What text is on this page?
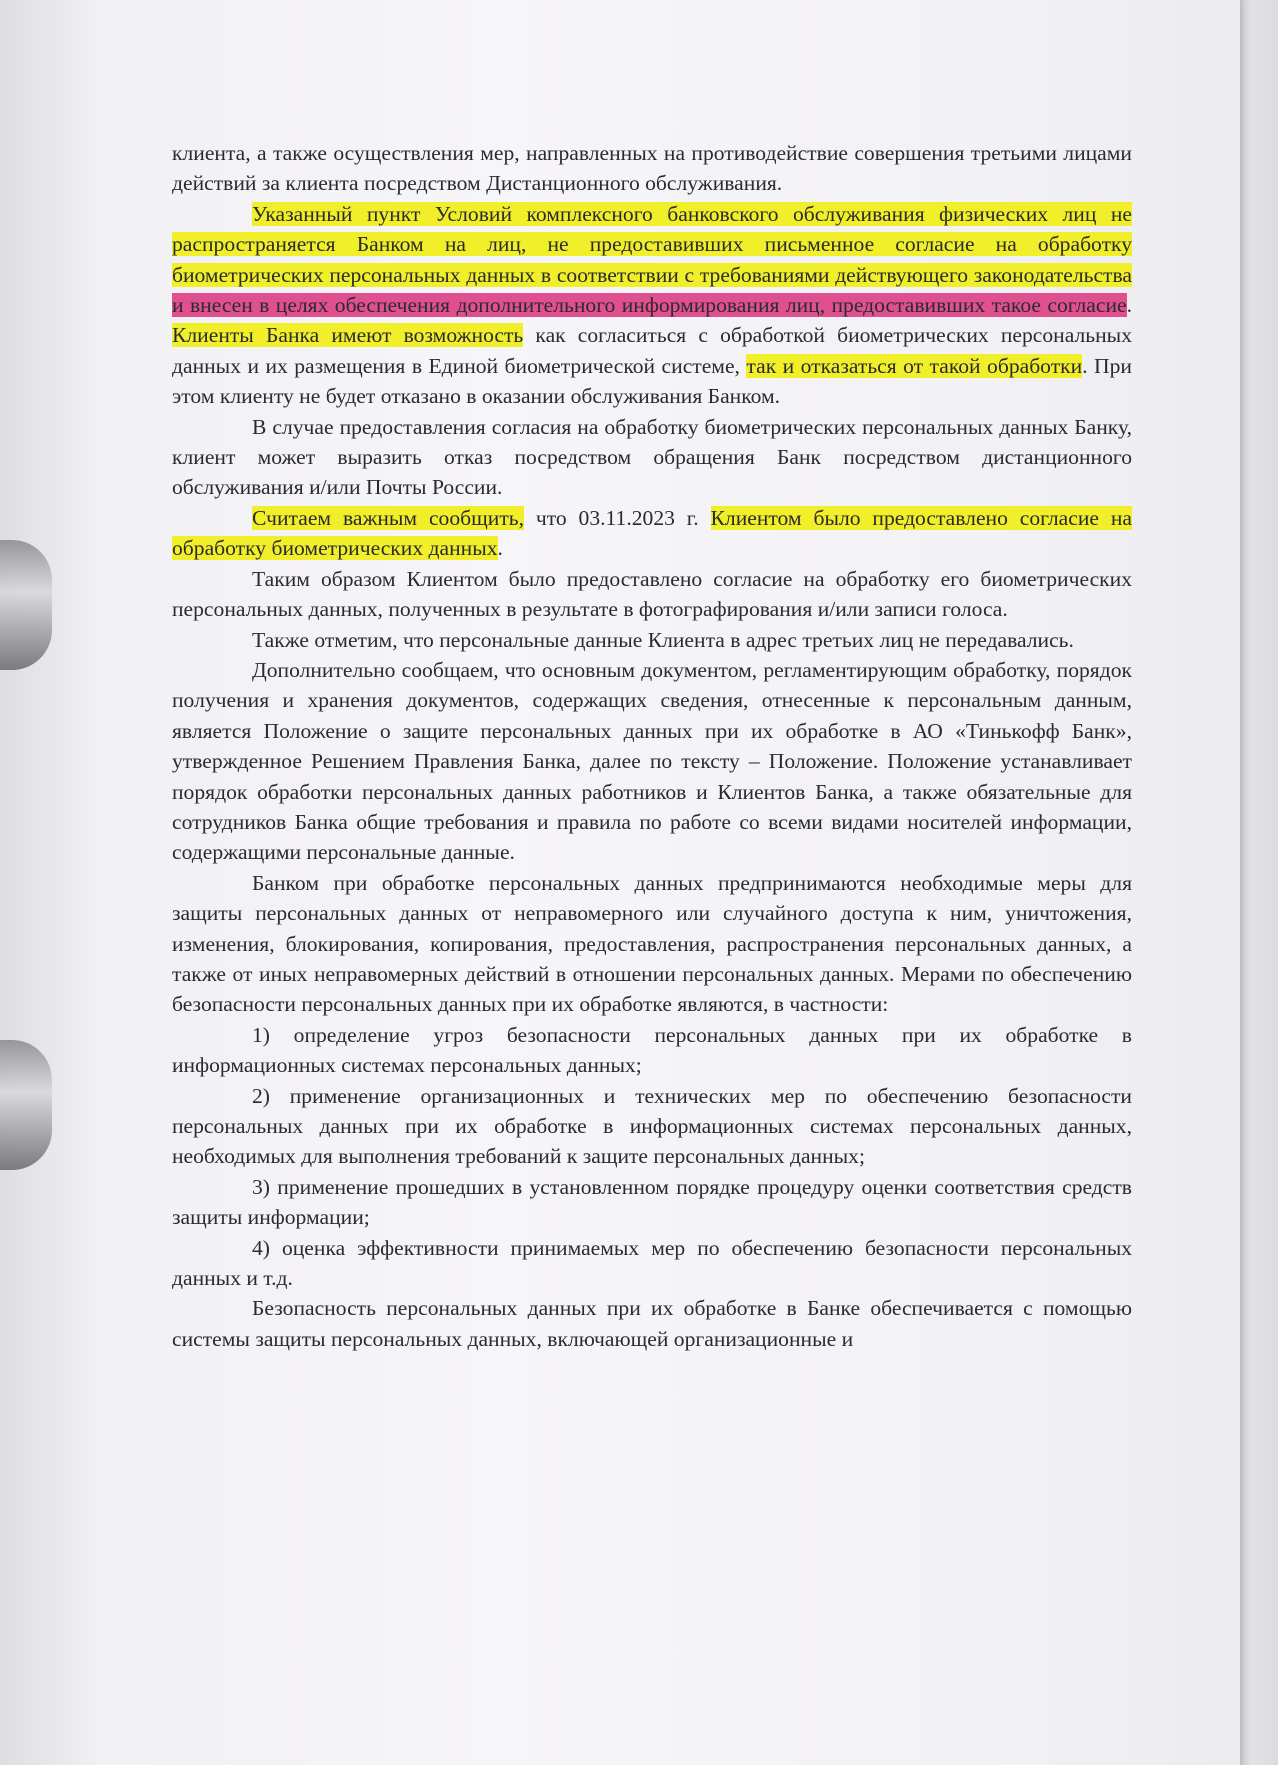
клиента, а также осуществления мер, направленных на противодействие совершения третьими лицами действий за клиента посредством Дистанционного обслуживания.

Указанный пункт Условий комплексного банковского обслуживания физических лиц не распространяется Банком на лиц, не предоставивших письменное согласие на обработку биометрических персональных данных в соответствии с требованиями действующего законодательства и внесен в целях обеспечения дополнительного информирования лиц, предоставивших такое согласие. Клиенты Банка имеют возможность как согласиться с обработкой биометрических персональных данных и их размещения в Единой биометрической системе, так и отказаться от такой обработки. При этом клиенту не будет отказано в оказании обслуживания Банком.

В случае предоставления согласия на обработку биометрических персональных данных Банку, клиент может выразить отказ посредством обращения Банк посредством дистанционного обслуживания и/или Почты России.

Считаем важным сообщить, что 03.11.2023 г. Клиентом было предоставлено согласие на обработку биометрических данных.

Таким образом Клиентом было предоставлено согласие на обработку его биометрических персональных данных, полученных в результате в фотографирования и/или записи голоса.

Также отметим, что персональные данные Клиента в адрес третьих лиц не передавались.

Дополнительно сообщаем, что основным документом, регламентирующим обработку, порядок получения и хранения документов, содержащих сведения, отнесенные к персональным данным, является Положение о защите персональных данных при их обработке в АО «Тинькофф Банк», утвержденное Решением Правления Банка, далее по тексту – Положение. Положение устанавливает порядок обработки персональных данных работников и Клиентов Банка, а также обязательные для сотрудников Банка общие требования и правила по работе со всеми видами носителей информации, содержащими персональные данные.

Банком при обработке персональных данных предпринимаются необходимые меры для защиты персональных данных от неправомерного или случайного доступа к ним, уничтожения, изменения, блокирования, копирования, предоставления, распространения персональных данных, а также от иных неправомерных действий в отношении персональных данных. Мерами по обеспечению безопасности персональных данных при их обработке являются, в частности:

1) определение угроз безопасности персональных данных при их обработке в информационных системах персональных данных;

2) применение организационных и технических мер по обеспечению безопасности персональных данных при их обработке в информационных системах персональных данных, необходимых для выполнения требований к защите персональных данных;

3) применение прошедших в установленном порядке процедуру оценки соответствия средств защиты информации;

4) оценка эффективности принимаемых мер по обеспечению безопасности персональных данных и т.д.

Безопасность персональных данных при их обработке в Банке обеспечивается с помощью системы защиты персональных данных, включающей организационные и
